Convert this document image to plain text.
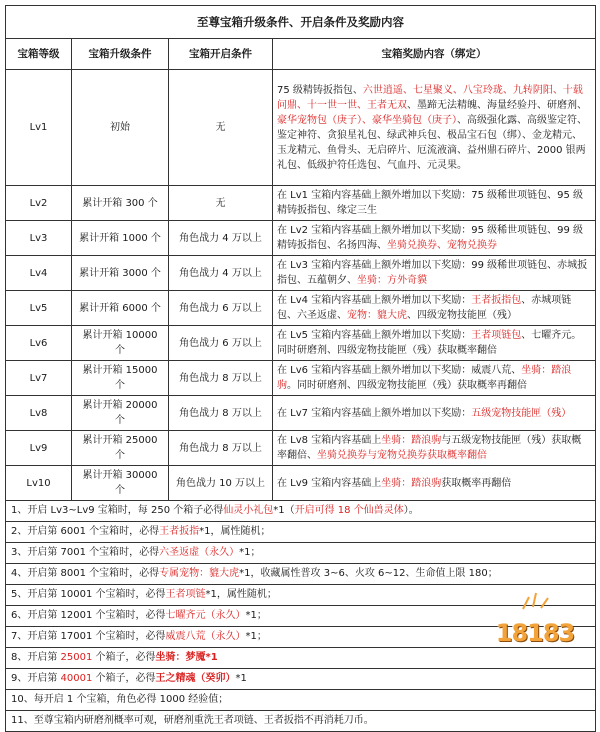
至尊宝箱升级条件、开启条件及奖励内容			
宝箱等级	宝箱升级条件	宝箱开启条件	宝箱奖励内容（绑定）
Lv1	初始	无	75 级精铸扳指包、六世逍遥、七星聚义、八宝玲珑、九转阴阳、十载问鼎、十一世一世、王者无双、墨蹄无法精魄、海量经验丹、研磨剂、豪华宠物包（庚子）、豪华坐骑包（庚子）、高级强化露、高级鉴定符、鉴定神符、贪狼星礼包、绿武神兵包、极品宝石包（绑）、金龙精元、玉龙精元、鱼骨头、无启碎片、厄流液滴、益州鼎石碎片、2000 银两礼包、低级护符任选包、气血丹、元灵果。
Lv2	累计开箱 300 个	无	在 Lv1 宝箱内容基础上额外增加以下奖励：75 级稀世项链包、95 级精铸扳指包、缘定三生
Lv3	累计开箱 1000 个	角色战力 4 万以上	在 Lv2 宝箱内容基础上额外增加以下奖励：95 级稀世项链包、99 级精铸扳指包、名扬四海、坐骑兑换券、宠物兑换券
Lv4	累计开箱 3000 个	角色战力 4 万以上	在 Lv3 宝箱内容基础上额外增加以下奖励：99 级稀世项链包、赤城扳指包、五蕴朝夕、坐骑：方外奇貘
Lv5	累计开箱 6000 个	角色战力 6 万以上	在 Lv4 宝箱内容基础上额外增加以下奖励：王者扳指包、赤城项链包、六圣返虚、宠物：貔大虎、四级宠物技能匣（残）
Lv6	累计开箱 10000 个	角色战力 6 万以上	在 Lv5 宝箱内容基础上额外增加以下奖励：王者项链包、七曜齐元。同时研磨剂、四级宠物技能匣（残）获取概率翻倍
Lv7	累计开箱 15000 个	角色战力 8 万以上	在 Lv6 宝箱内容基础上额外增加以下奖励：威震八荒、坐骑：踏浪驹。同时研磨剂、四级宠物技能匣（残）获取概率再翻倍
Lv8	累计开箱 20000 个	角色战力 8 万以上	在 Lv7 宝箱内容基础上额外增加以下奖励：五级宠物技能匣（残）
Lv9	累计开箱 25000 个	角色战力 8 万以上	在 Lv8 宝箱内容基础上坐骑：踏浪驹与五级宠物技能匣（残）获取概率翻倍、坐骑兑换券与宠物兑换券获取概率翻倍
Lv10	累计开箱 30000 个	角色战力 10 万以上	在 Lv9 宝箱内容基础上坐骑：踏浪驹获取概率再翻倍
1、开启 Lv3~Lv9 宝箱时，每 250 个箱子必得仙灵小礼包*1（开启可得 18 个仙兽灵体）。			
2、开启第 6001 个宝箱时，必得王者扳指*1，属性随机；			
3、开启第 7001 个宝箱时，必得六圣返虚（永久）*1；			
4、开启第 8001 个宝箱时，必得专属宠物：貔大虎*1，收藏属性普攻 3~6、火攻 6~12、生命值上限 180；			
5、开启第 10001 个宝箱时，必得王者项链*1，属性随机；			
6、开启第 12001 个宝箱时，必得七曜齐元（永久）*1；			
7、开启第 17001 个宝箱时，必得威震八荒（永久）*1；			
8、开启第 25001 个箱子，必得坐骑：梦魇*1			
9、开启第 40001 个箱子，必得王之精魂（癸卯）*1			
10、每开启 1 个宝箱，角色必得 1000 经验值；			
11、至尊宝箱内研磨剂概率可观，研磨剂重洗王者项链、王者扳指不再消耗刀币。			
18183
